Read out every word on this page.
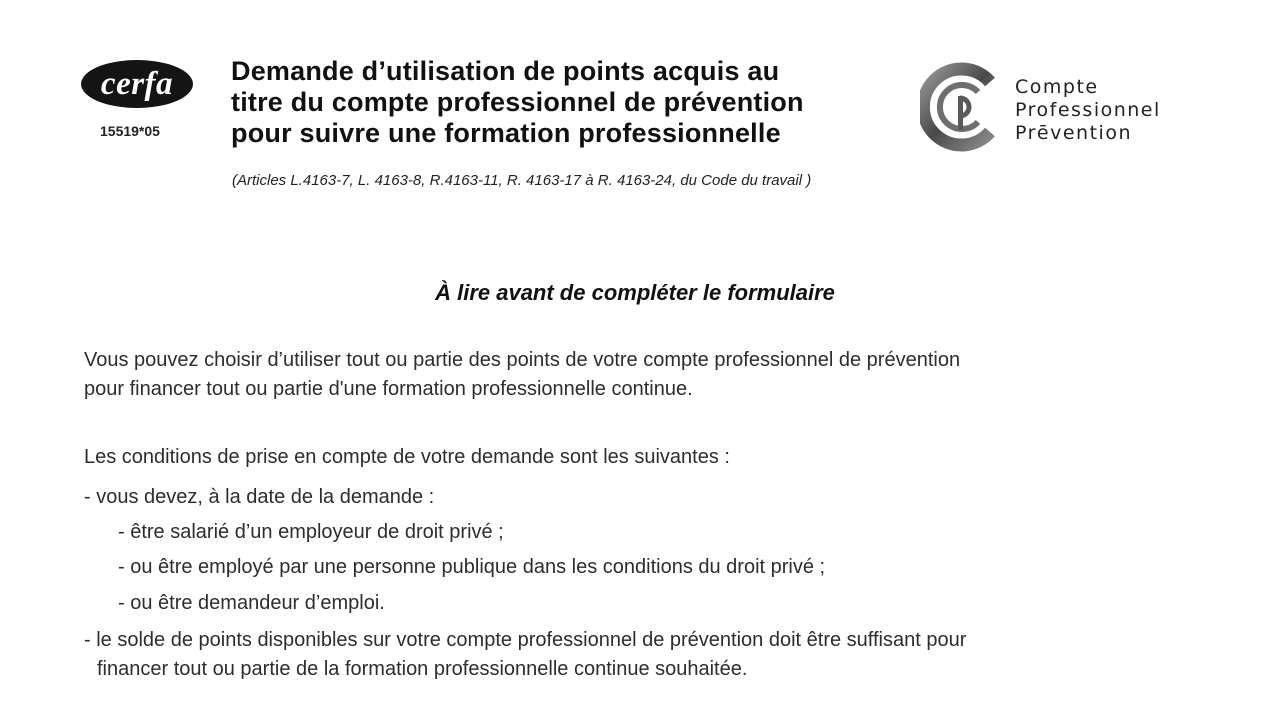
cerfa
15519*05
Demande d’utilisation de points acquis au
titre du compte professionnel de prévention
pour suivre une formation professionnelle
(Articles L.4163-7, L. 4163-8, R.4163-11, R. 4163-17 à R. 4163-24, du Code du travail )
Compte
Professionnel
Prēvention
À lire avant de compléter le formulaire
Vous pouvez choisir d’utiliser tout ou partie des points de votre compte professionnel de prévention
pour financer tout ou partie d'une formation professionnelle continue.
Les conditions de prise en compte de votre demande sont les suivantes :
- vous devez, à la date de la demande :
- être salarié d’un employeur de droit privé ;
- ou être employé par une personne publique dans les conditions du droit privé ;
- ou être demandeur d’emploi.
- le solde de points disponibles sur votre compte professionnel de prévention doit être suffisant pour
financer tout ou partie de la formation professionnelle continue souhaitée.
